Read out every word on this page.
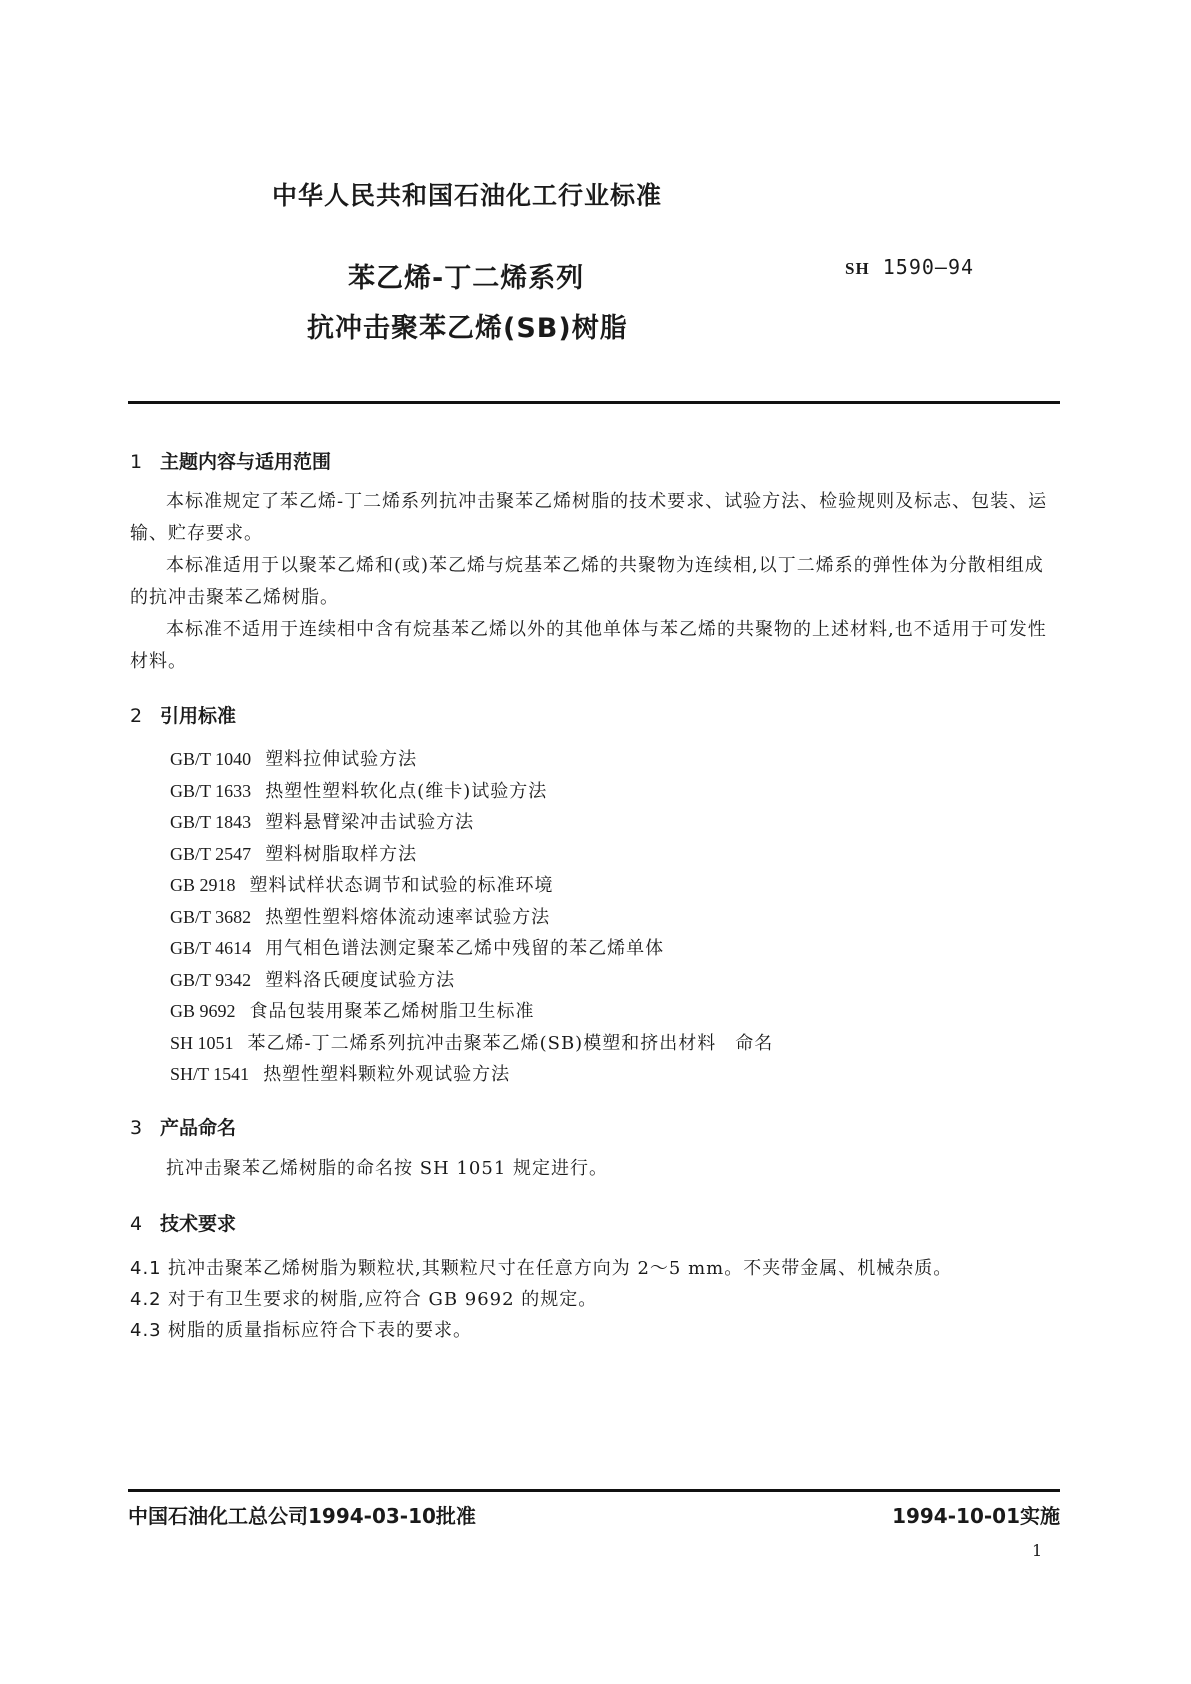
中华人民共和国石油化工行业标准
苯乙烯-丁二烯系列
抗冲击聚苯乙烯(SB)树脂
SH 1590—94
1 主题内容与适用范围
本标准规定了苯乙烯-丁二烯系列抗冲击聚苯乙烯树脂的技术要求、试验方法、检验规则及标志、包装、运输、贮存要求。
本标准适用于以聚苯乙烯和(或)苯乙烯与烷基苯乙烯的共聚物为连续相,以丁二烯系的弹性体为分散相组成的抗冲击聚苯乙烯树脂。
本标准不适用于连续相中含有烷基苯乙烯以外的其他单体与苯乙烯的共聚物的上述材料,也不适用于可发性材料。
2 引用标准
GB/T 1040 塑料拉伸试验方法
GB/T 1633 热塑性塑料软化点(维卡)试验方法
GB/T 1843 塑料悬臂梁冲击试验方法
GB/T 2547 塑料树脂取样方法
GB 2918 塑料试样状态调节和试验的标准环境
GB/T 3682 热塑性塑料熔体流动速率试验方法
GB/T 4614 用气相色谱法测定聚苯乙烯中残留的苯乙烯单体
GB/T 9342 塑料洛氏硬度试验方法
GB 9692 食品包装用聚苯乙烯树脂卫生标准
SH 1051 苯乙烯-丁二烯系列抗冲击聚苯乙烯(SB)模塑和挤出材料　命名
SH/T 1541 热塑性塑料颗粒外观试验方法
3 产品命名
抗冲击聚苯乙烯树脂的命名按 SH 1051 规定进行。
4 技术要求
4.1 抗冲击聚苯乙烯树脂为颗粒状,其颗粒尺寸在任意方向为 2～5 mm。不夹带金属、机械杂质。
4.2 对于有卫生要求的树脂,应符合 GB 9692 的规定。
4.3 树脂的质量指标应符合下表的要求。
中国石油化工总公司1994-03-10批准	1994-10-01实施
1
